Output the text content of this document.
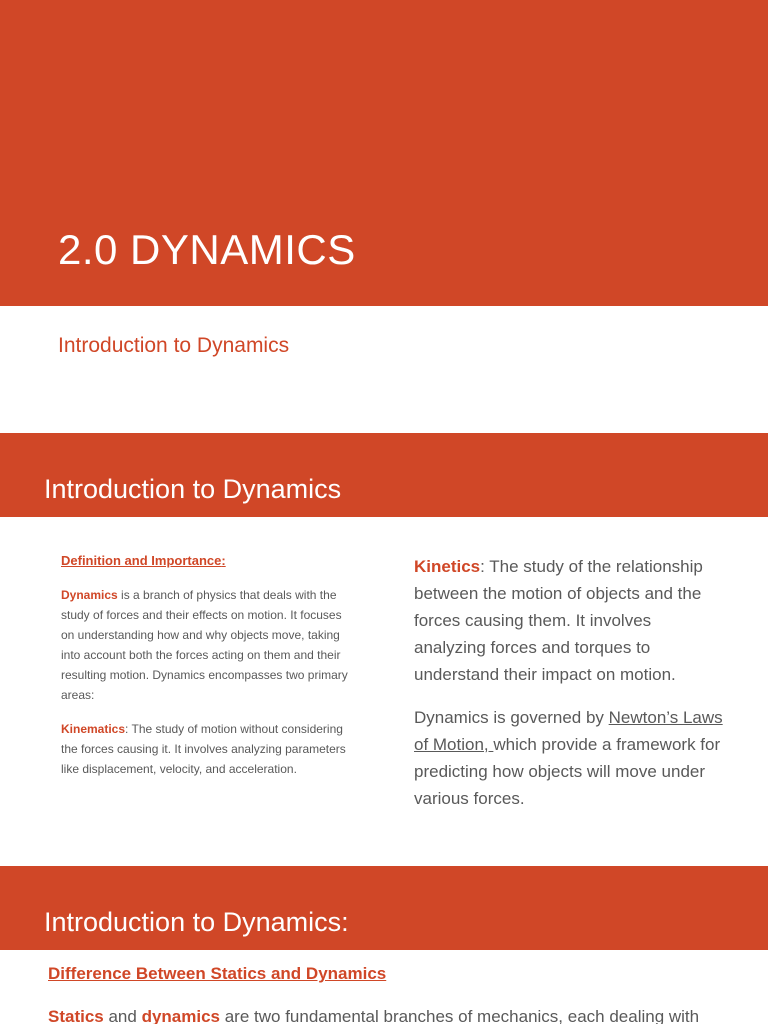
2.0 DYNAMICS
Introduction to Dynamics
Introduction to Dynamics
Definition and Importance:

Dynamics is a branch of physics that deals with the study of forces and their effects on motion. It focuses on understanding how and why objects move, taking into account both the forces acting on them and their resulting motion. Dynamics encompasses two primary areas:

Kinematics: The study of motion without considering the forces causing it. It involves analyzing parameters like displacement, velocity, and acceleration.

Kinetics: The study of the relationship between the motion of objects and the forces causing them. It involves analyzing forces and torques to understand their impact on motion.

Dynamics is governed by Newton’s Laws of Motion, which provide a framework for predicting how objects will move under various forces.

Introduction to Dynamics:
Difference Between Statics and Dynamics

Statics and dynamics are two fundamental branches of mechanics, each dealing with
